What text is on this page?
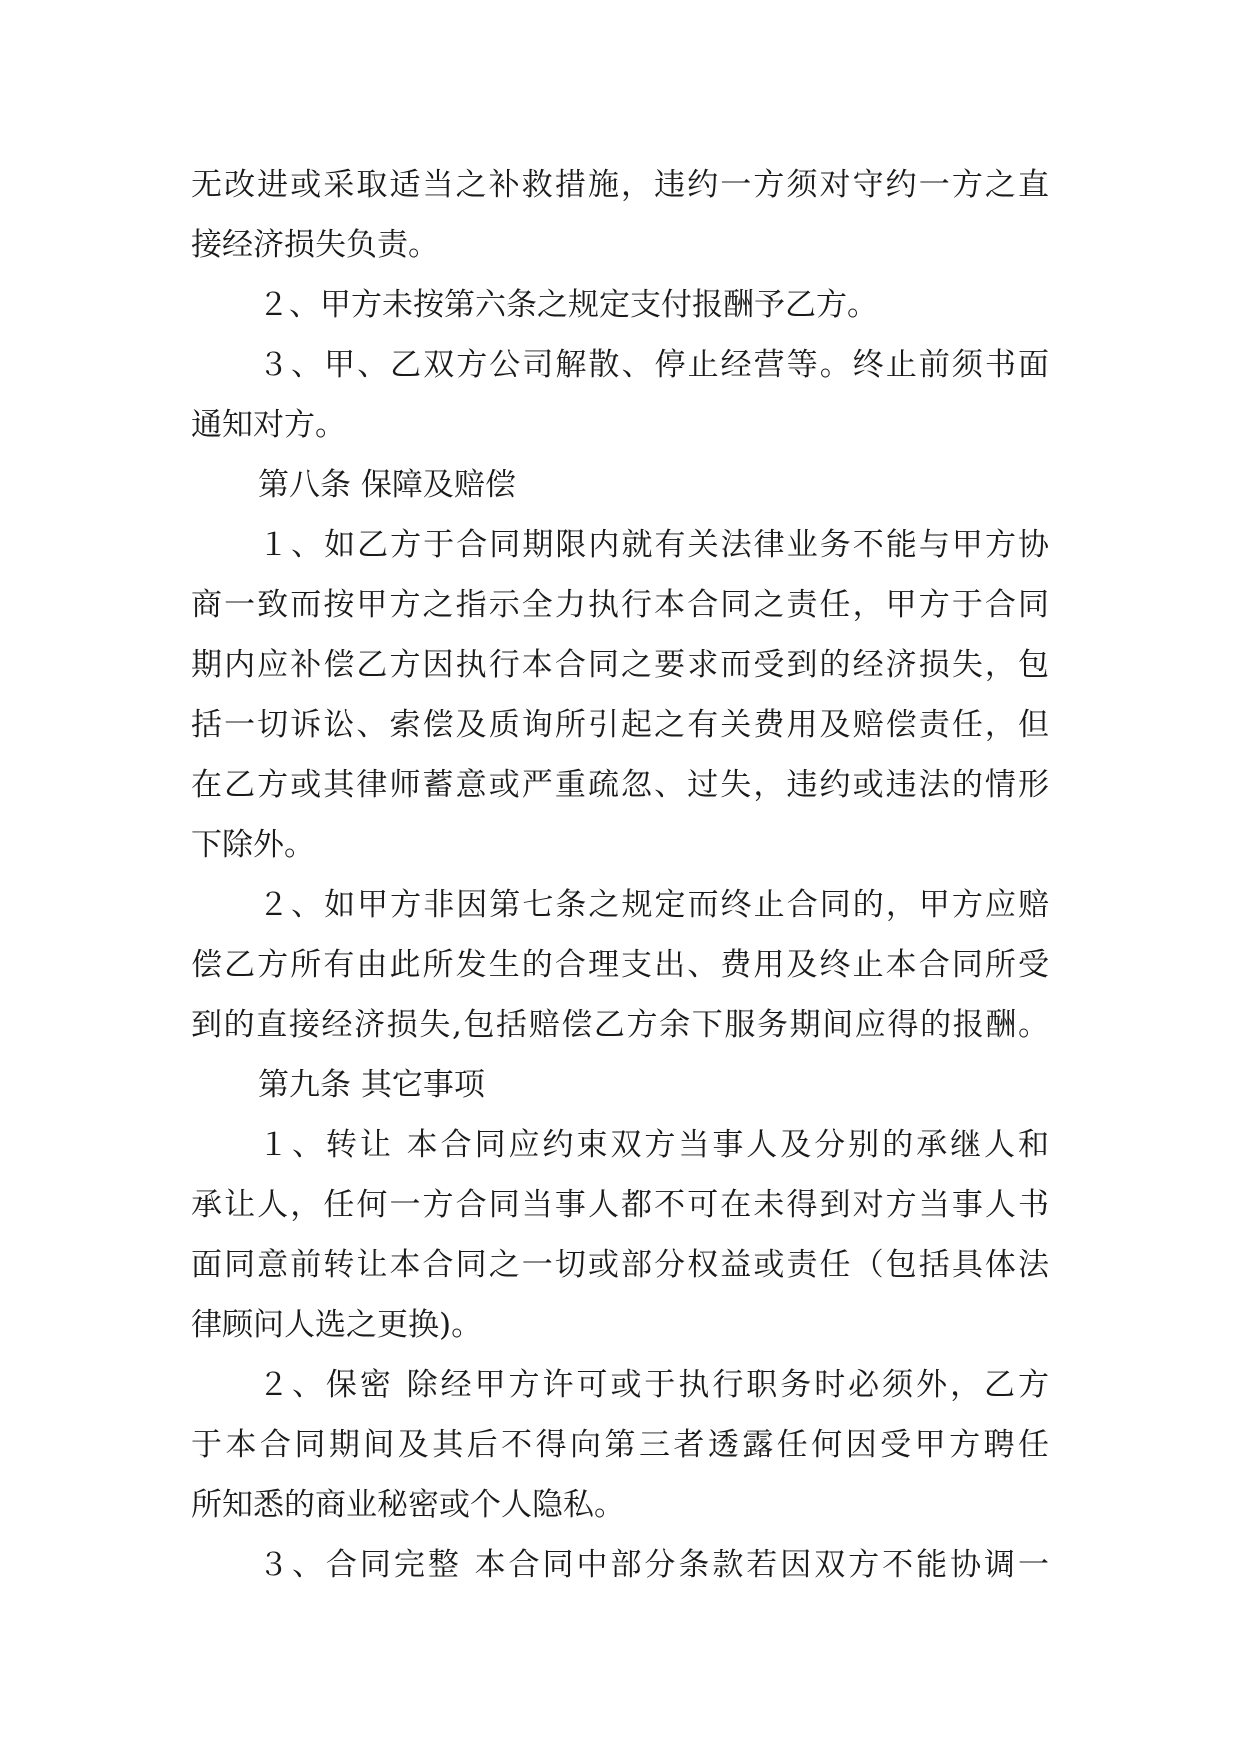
无改进或采取适当之补救措施，违约一方须对守约一方之直
接经济损失负责。
２、甲方未按第六条之规定支付报酬予乙方。
３、甲、乙双方公司解散、停止经营等。终止前须书面
通知对方。
第八条 保障及赔偿
１、如乙方于合同期限内就有关法律业务不能与甲方协
商一致而按甲方之指示全力执行本合同之责任，甲方于合同
期内应补偿乙方因执行本合同之要求而受到的经济损失，包
括一切诉讼、索偿及质询所引起之有关费用及赔偿责任，但
在乙方或其律师蓄意或严重疏忽、过失，违约或违法的情形
下除外。
２、如甲方非因第七条之规定而终止合同的，甲方应赔
偿乙方所有由此所发生的合理支出、费用及终止本合同所受
到的直接经济损失,包括赔偿乙方余下服务期间应得的报酬。
第九条 其它事项
１、转让 本合同应约束双方当事人及分别的承继人和
承让人，任何一方合同当事人都不可在未得到对方当事人书
面同意前转让本合同之一切或部分权益或责任（包括具体法
律顾问人选之更换)。
２、保密 除经甲方许可或于执行职务时必须外，乙方
于本合同期间及其后不得向第三者透露任何因受甲方聘任
所知悉的商业秘密或个人隐私。
３、合同完整 本合同中部分条款若因双方不能协调一
